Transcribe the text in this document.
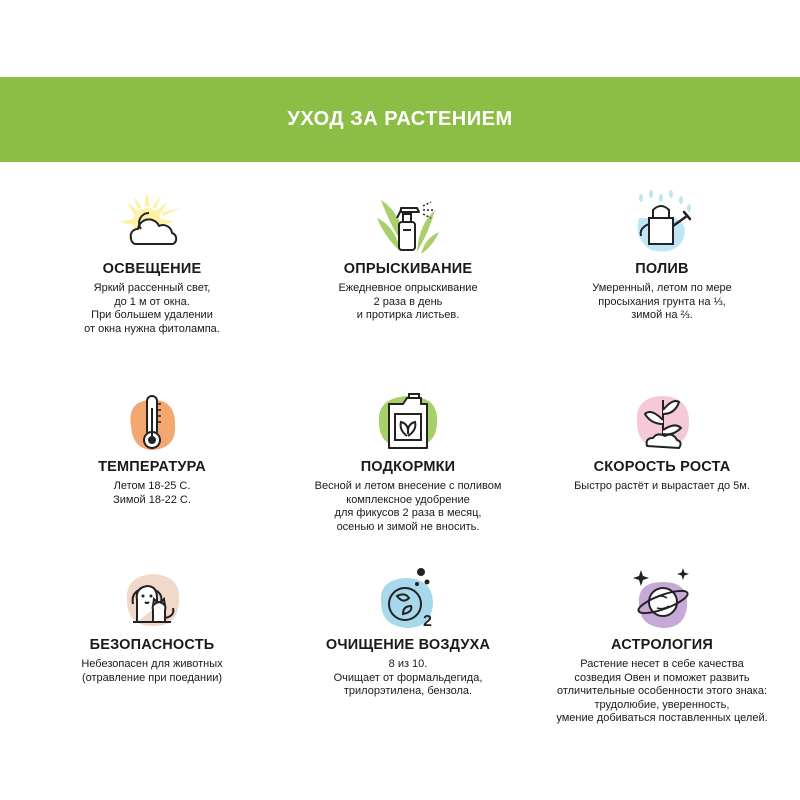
УХОД ЗА РАСТЕНИЕМ
ОСВЕЩЕНИЕ
Яркий рассенный свет,
до 1 м от окна.
При большем удалении
от окна нужна фитолампа.
ОПРЫСКИВАНИЕ
Ежедневное опрыскивание
2 раза в день
и протирка листьев.
ПОЛИВ
Умеренный, летом по мере
просыхания грунта на ⅓,
зимой на ⅔.
ТЕМПЕРАТУРА
Летом 18-25 С.
Зимой 18-22 С.
ПОДКОРМКИ
Весной и летом внесение с поливом
комплексное удобрение
для фикусов 2 раза в месяц,
осенью и зимой не вносить.
СКОРОСТЬ РОСТА
Быстро растёт и вырастает до 5м.
БЕЗОПАСНОСТЬ
Небезопасен для животных
(отравление при поедании)
2
ОЧИЩЕНИЕ ВОЗДУХА
8 из 10.
Очищает от формальдегида,
трилорэтилена, бензола.
АСТРОЛОГИЯ
Растение несет в себе качества
созведия Овен и поможет развить
отличительные особенности этого знака:
трудолюбие, уверенность,
умение добиваться поставленных целей.
